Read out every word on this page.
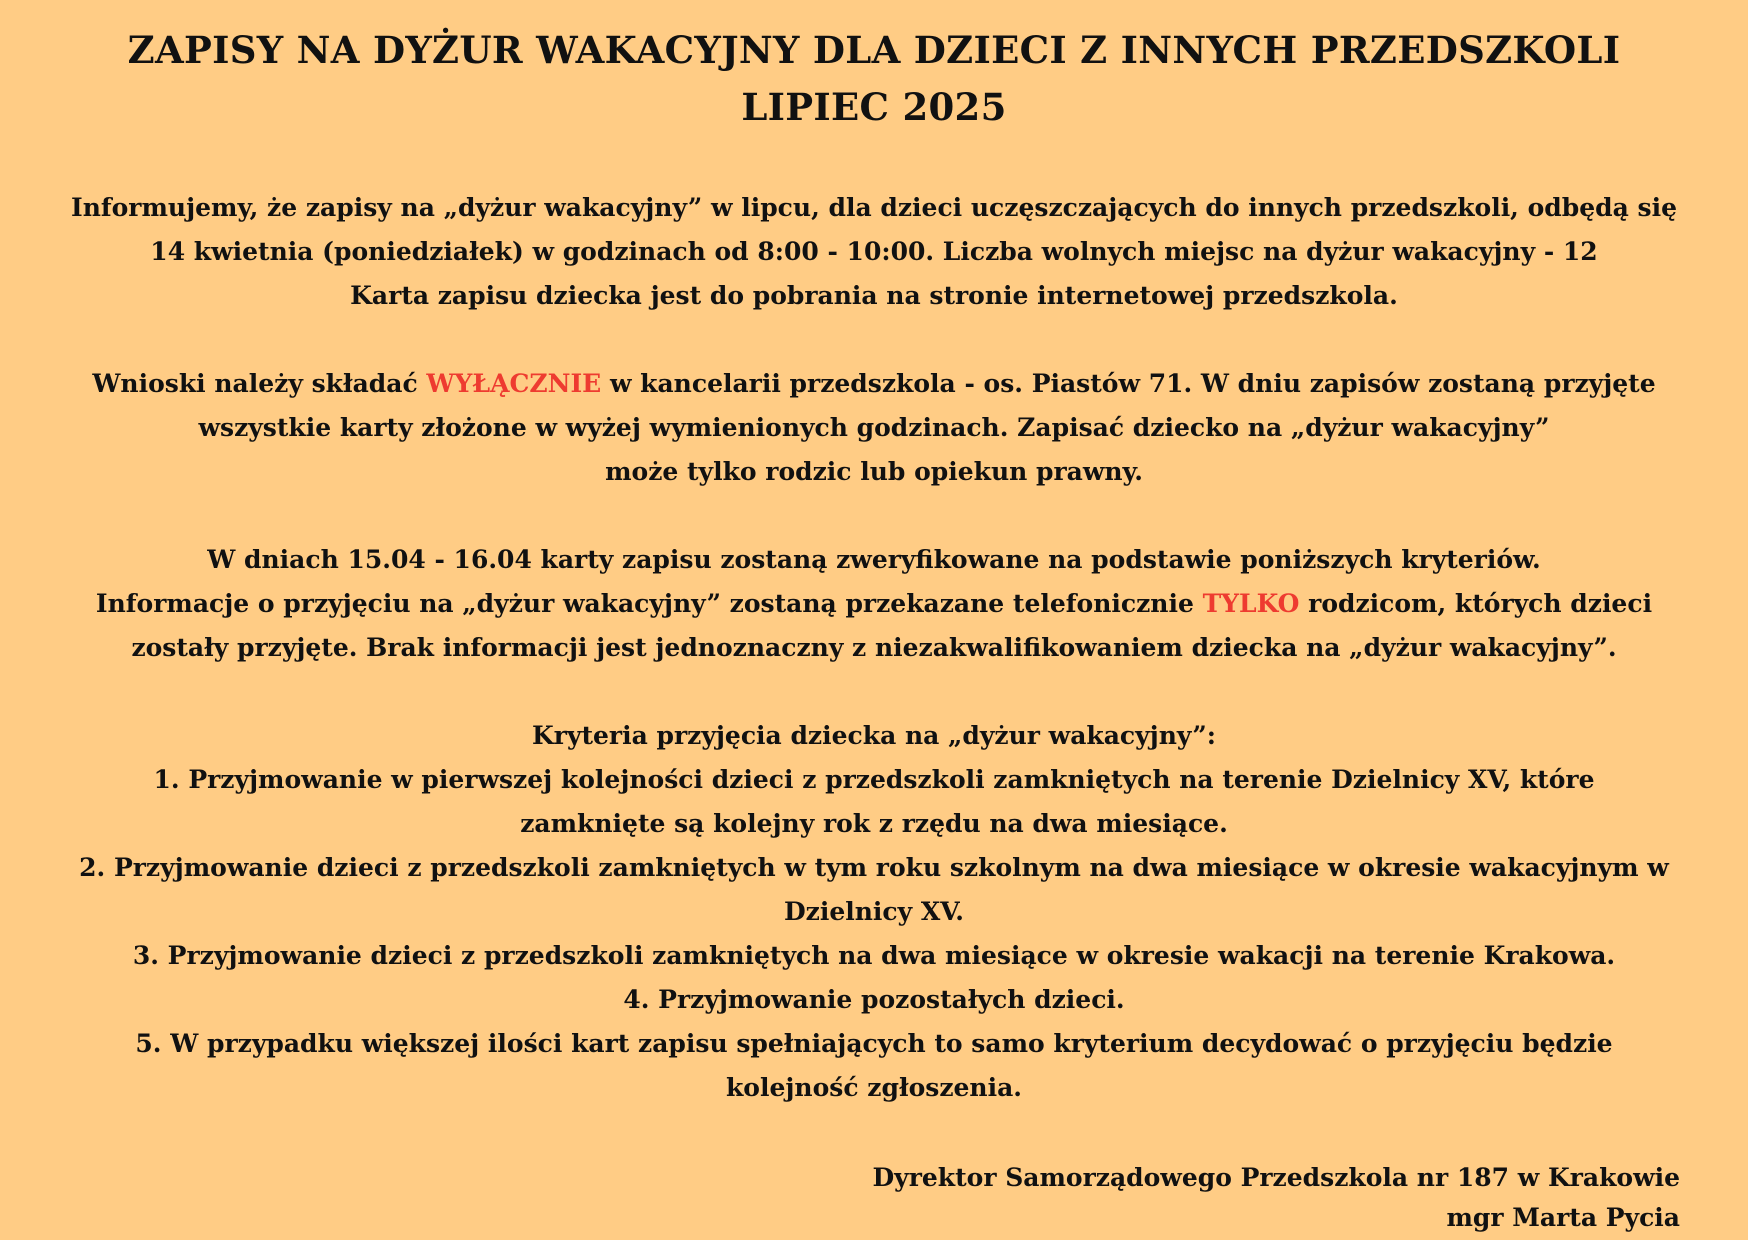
ZAPISY NA DYŻUR WAKACYJNY DLA DZIECI Z INNYCH PRZEDSZKOLI
LIPIEC 2025
Informujemy, że zapisy na „dyżur wakacyjny” w lipcu, dla dzieci uczęszczających do innych przedszkoli, odbędą się
14 kwietnia (poniedziałek) w godzinach od 8:00 - 10:00. Liczba wolnych miejsc na dyżur wakacyjny - 12
Karta zapisu dziecka jest do pobrania na stronie internetowej przedszkola.
Wnioski należy składać WYŁĄCZNIE w kancelarii przedszkola - os. Piastów 71. W dniu zapisów zostaną przyjęte
wszystkie karty złożone w wyżej wymienionych godzinach. Zapisać dziecko na „dyżur wakacyjny”
może tylko rodzic lub opiekun prawny.
W dniach 15.04 - 16.04 karty zapisu zostaną zweryfikowane na podstawie poniższych kryteriów.
Informacje o przyjęciu na „dyżur wakacyjny” zostaną przekazane telefonicznie TYLKO rodzicom, których dzieci
zostały przyjęte. Brak informacji jest jednoznaczny z niezakwalifikowaniem dziecka na „dyżur wakacyjny”.
Kryteria przyjęcia dziecka na „dyżur wakacyjny”:
1. Przyjmowanie w pierwszej kolejności dzieci z przedszkoli zamkniętych na terenie Dzielnicy XV, które
zamknięte są kolejny rok z rzędu na dwa miesiące.
2. Przyjmowanie dzieci z przedszkoli zamkniętych w tym roku szkolnym na dwa miesiące w okresie wakacyjnym w
Dzielnicy XV.
3. Przyjmowanie dzieci z przedszkoli zamkniętych na dwa miesiące w okresie wakacji na terenie Krakowa.
4. Przyjmowanie pozostałych dzieci.
5. W przypadku większej ilości kart zapisu spełniających to samo kryterium decydować o przyjęciu będzie
kolejność zgłoszenia.
Dyrektor Samorządowego Przedszkola nr 187 w Krakowie
mgr Marta Pycia
